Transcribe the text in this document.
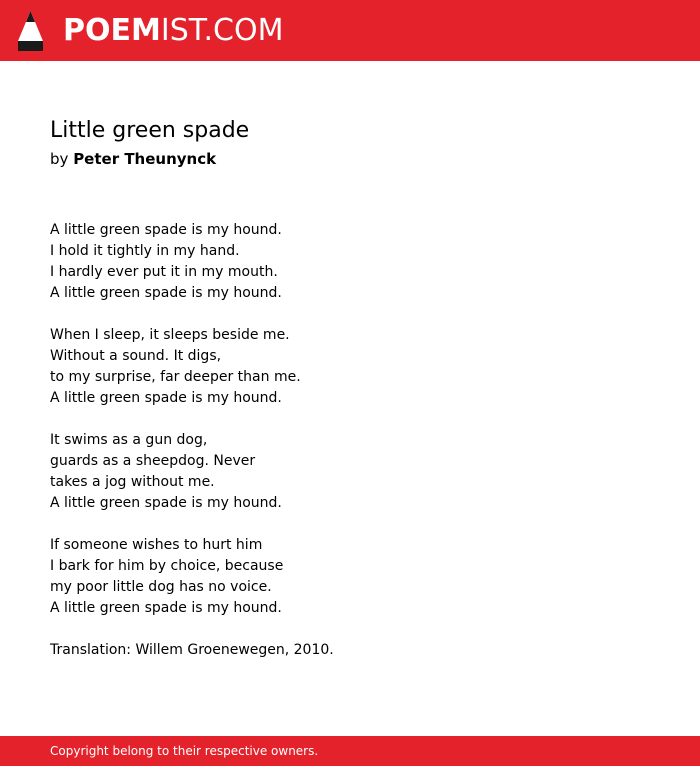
POEMIST.COM
Little green spade
by Peter Theunynck
A little green spade is my hound.
I hold it tightly in my hand.
I hardly ever put it in my mouth.
A little green spade is my hound.
When I sleep, it sleeps beside me.
Without a sound. It digs,
to my surprise, far deeper than me.
A little green spade is my hound.
It swims as a gun dog,
guards as a sheepdog. Never
takes a jog without me.
A little green spade is my hound.
If someone wishes to hurt him
I bark for him by choice, because
my poor little dog has no voice.
A little green spade is my hound.
Translation: Willem Groenewegen, 2010.
Copyright belong to their respective owners.
